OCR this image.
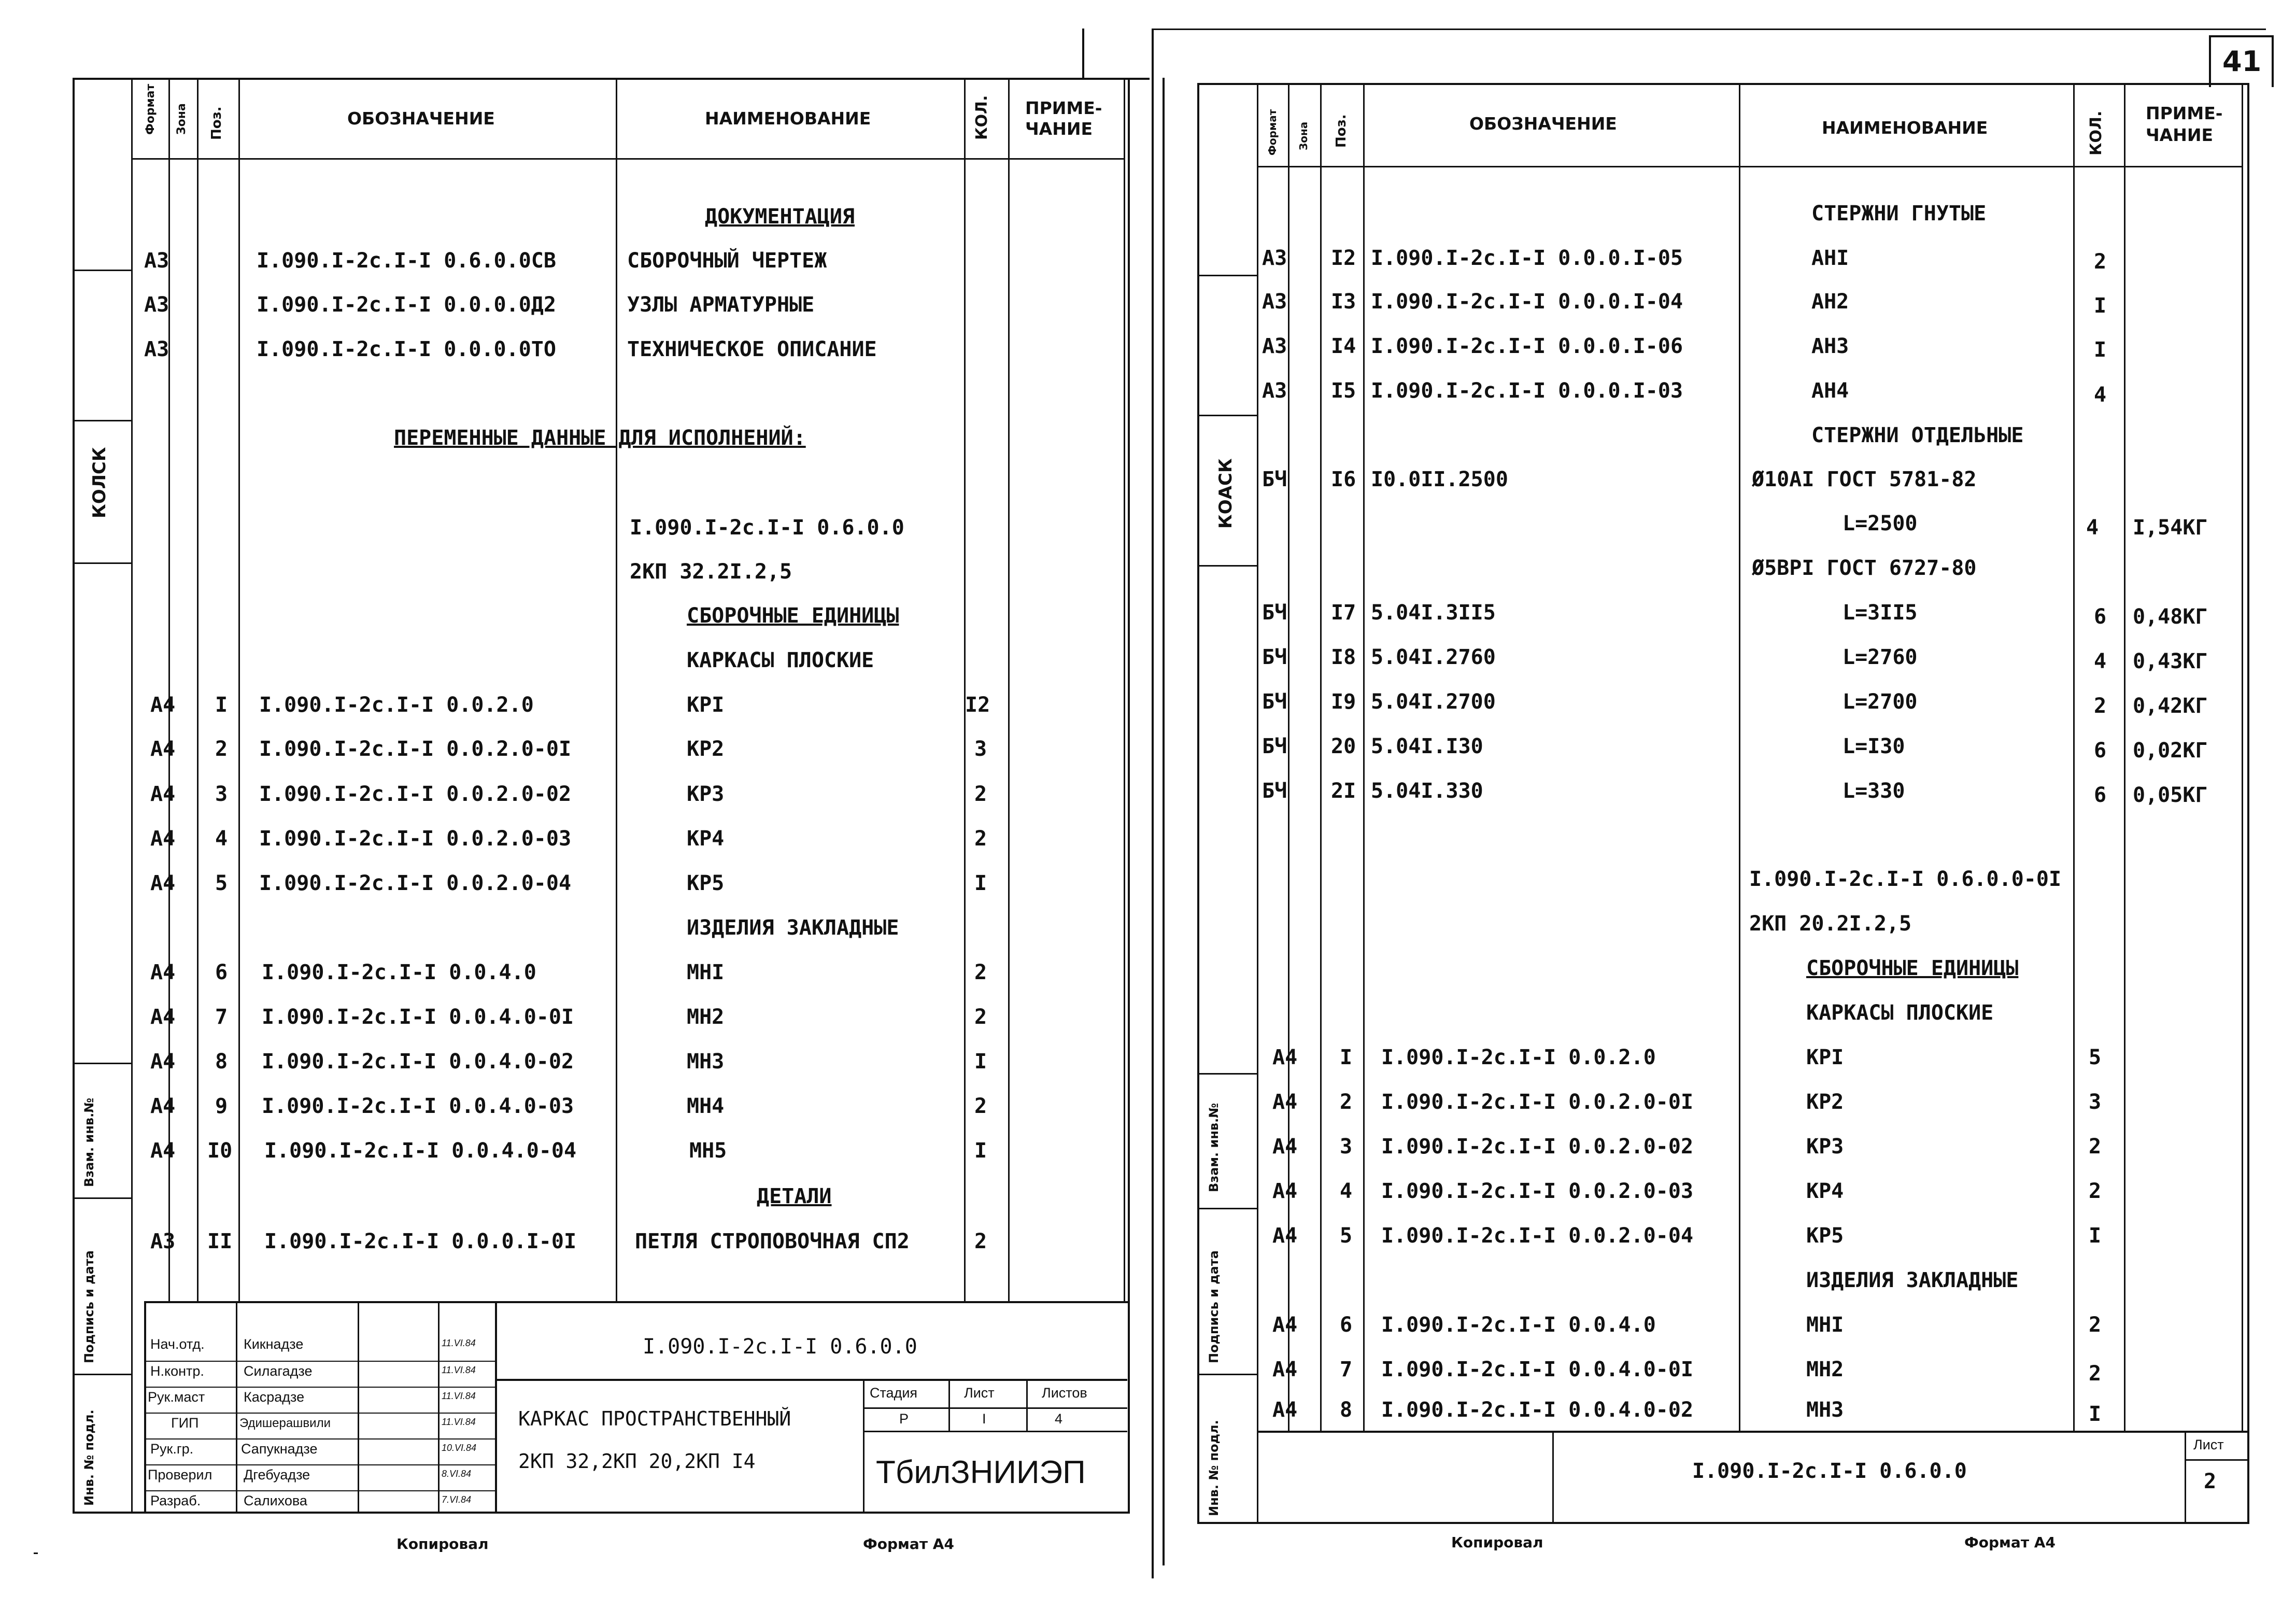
КОЛСК
Взам. инв.№
Подпись и дата
Инв. № подл.
Формат Зона Поз.	ОБОЗНАЧЕНИЕ	НАИМЕНОВАНИЕ	КОЛ. ПРИМЕ-
ЧАНИЕ
ДОКУМЕНТАЦИЯ
А3	I.090.I-2с.I-I 0.6.0.0СВ	СБОРОЧНЫЙ ЧЕРТЕЖ
А3	I.090.I-2с.I-I 0.0.0.0Д2	УЗЛЫ АРМАТУРНЫЕ
А3	I.090.I-2с.I-I 0.0.0.0ТО	ТЕХНИЧЕСКОЕ ОПИСАНИЕ
ПЕРЕМЕННЫЕ ДАННЫЕ ДЛЯ ИСПОЛНЕНИЙ:
I.090.I-2с.I-I 0.6.0.0
2КП 32.2I.2,5
СБОРОЧНЫЕ ЕДИНИЦЫ
КАРКАСЫ ПЛОСКИЕ
А4 I I.090.I-2с.I-I 0.0.2.0	КРI	I2
А4 2 I.090.I-2с.I-I 0.0.2.0-0I	КР2	3
А4 3 I.090.I-2с.I-I 0.0.2.0-02	КР3	2
А4 4 I.090.I-2с.I-I 0.0.2.0-03	КР4	2
А4 5 I.090.I-2с.I-I 0.0.2.0-04	КР5	I
ИЗДЕЛИЯ ЗАКЛАДНЫЕ
А4 6 I.090.I-2с.I-I 0.0.4.0	МНI	2
А4 7 I.090.I-2с.I-I 0.0.4.0-0I	МН2	2
А4 8 I.090.I-2с.I-I 0.0.4.0-02	МН3	I
А4 9 I.090.I-2с.I-I 0.0.4.0-03	МН4	2
А4 I0 I.090.I-2с.I-I 0.0.4.0-04	МН5	I
ДЕТАЛИ
А3 II I.090.I-2с.I-I 0.0.0.I-0I	ПЕТЛЯ СТРОПОВОЧНАЯ СП2	2
Нач.отд.	Кикнадзе	11.VI.84
Н.контр.	Силагадзе	11.VI.84
Рук.маст	Касрадзе	11.VI.84
ГИП	Эдишерашвили	11.VI.84
Рук.гр.	Сапукнадзе	10.VI.84
Проверил Дгебуадзе	8.VI.84
Разраб.	Салихова	7.VI.84
I.090.I-2с.I-I 0.6.0.0
КАРКАС ПРОСТРАНСТВЕННЫЙ
2КП 32,2КП 20,2КП I4
Стадия	Лист	Листов
Р	I	4
ТбилЗНИИЭП
Копировал	Формат А4
41
КОАСК
Взам. инв.№
Подпись и дата
Инв. № подл.
Формат Зона Поз.	ОБОЗНАЧЕНИЕ	НАИМЕНОВАНИЕ	КОЛ. ПРИМЕ-
ЧАНИЕ
СТЕРЖНИ ГНУТЫЕ
А3 I2 I.090.I-2с.I-I 0.0.0.I-05	АНI	2
А3 I3 I.090.I-2с.I-I 0.0.0.I-04	АН2	I
А3 I4 I.090.I-2с.I-I 0.0.0.I-06	АН3	I
А3 I5 I.090.I-2с.I-I 0.0.0.I-03	АН4	4
СТЕРЖНИ ОТДЕЛЬНЫЕ
БЧ I6 I0.0II.2500	Ø10АI ГОСТ 5781-82
L=2500	4 I,54КГ
Ø5ВРI ГОСТ 6727-80
БЧ I7 5.04I.3II5	L=3II5	6 0,48КГ
БЧ I8 5.04I.2760	L=2760	4 0,43КГ
БЧ I9 5.04I.2700	L=2700	2 0,42КГ
БЧ 20 5.04I.I30	L=I30	6 0,02КГ
БЧ 2I 5.04I.330	L=330	6 0,05КГ
I.090.I-2с.I-I 0.6.0.0-0I
2КП 20.2I.2,5
СБОРОЧНЫЕ ЕДИНИЦЫ
КАРКАСЫ ПЛОСКИЕ
А4 I I.090.I-2с.I-I 0.0.2.0	КРI	5
А4 2 I.090.I-2с.I-I 0.0.2.0-0I	КР2	3
А4 3 I.090.I-2с.I-I 0.0.2.0-02	КР3	2
А4 4 I.090.I-2с.I-I 0.0.2.0-03	КР4	2
А4 5 I.090.I-2с.I-I 0.0.2.0-04	КР5	I
ИЗДЕЛИЯ ЗАКЛАДНЫЕ
А4 6 I.090.I-2с.I-I 0.0.4.0	МНI	2
А4 7 I.090.I-2с.I-I 0.0.4.0-0I	МН2	2
А4 8 I.090.I-2с.I-I 0.0.4.0-02	МН3	I
I.090.I-2с.I-I 0.6.0.0
Лист
2
Копировал	Формат А4
